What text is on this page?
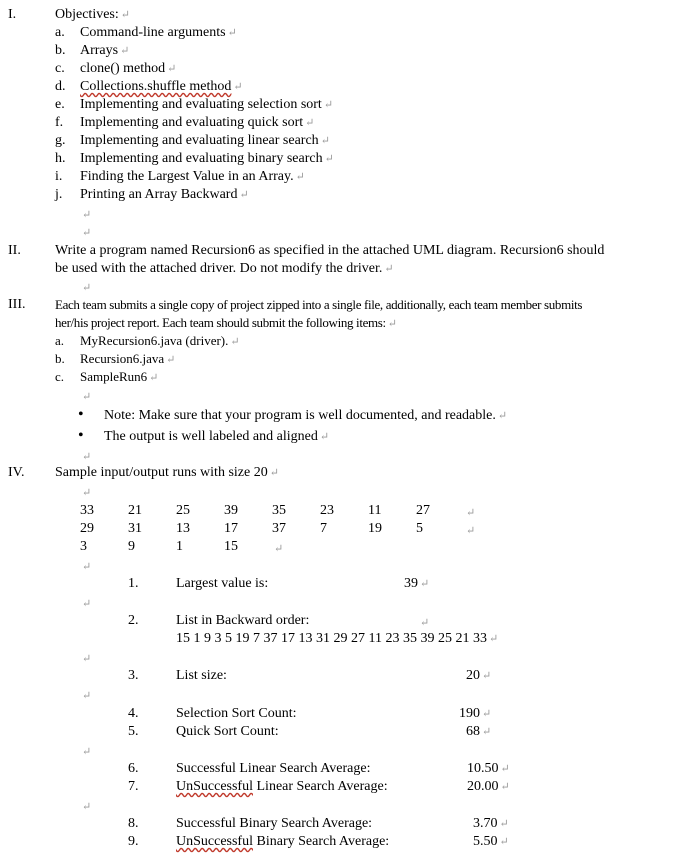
I.	Objectives: ↵
a. Command-line arguments ↵
b. Arrays ↵
c. clone() method ↵
d. Collections.shuffle method ↵
e. Implementing and evaluating selection sort ↵
f. Implementing and evaluating quick sort ↵
g. Implementing and evaluating linear search ↵
h. Implementing and evaluating binary search ↵
i. Finding the Largest Value in an Array. ↵
j. Printing an Array Backward ↵
↵
↵
II. Write a program named Recursion6 as specified in the attached UML diagram. Recursion6 should
be used with the attached driver. Do not modify the driver. ↵
↵
III. Each team submits a single copy of project zipped into a single file, additionally, each team member submits
her/his project report. Each team should submit the following items: ↵
a. MyRecursion6.java (driver). ↵
b. Recursion6.java ↵
c. SampleRun6 ↵
↵
• Note: Make sure that your program is well documented, and readable. ↵
• The output is well labeled and aligned ↵
↵
IV. Sample input/output runs with size 20 ↵
↵
33 21 25 39 35 23 11 27	↵
29 31 13 17 37 7	19 5	↵
3	9	1	15	↵
↵
1.	Largest value is:	39 ↵
↵
2.	List in Backward order:	↵
15 1 9 3 5 19 7 37 17 13 31 29 27 11 23 35 39 25 21 33 ↵
↵
3.	List size:	20 ↵
↵
4.	Selection Sort Count:	190 ↵
5.	Quick Sort Count:	68 ↵
↵
6.	Successful Linear Search Average:	10.50 ↵
7.	UnSuccessful Linear Search Average:	20.00 ↵
↵
8.	Successful Binary Search Average:	3.70 ↵
9.	UnSuccessful Binary Search Average:	5.50 ↵
